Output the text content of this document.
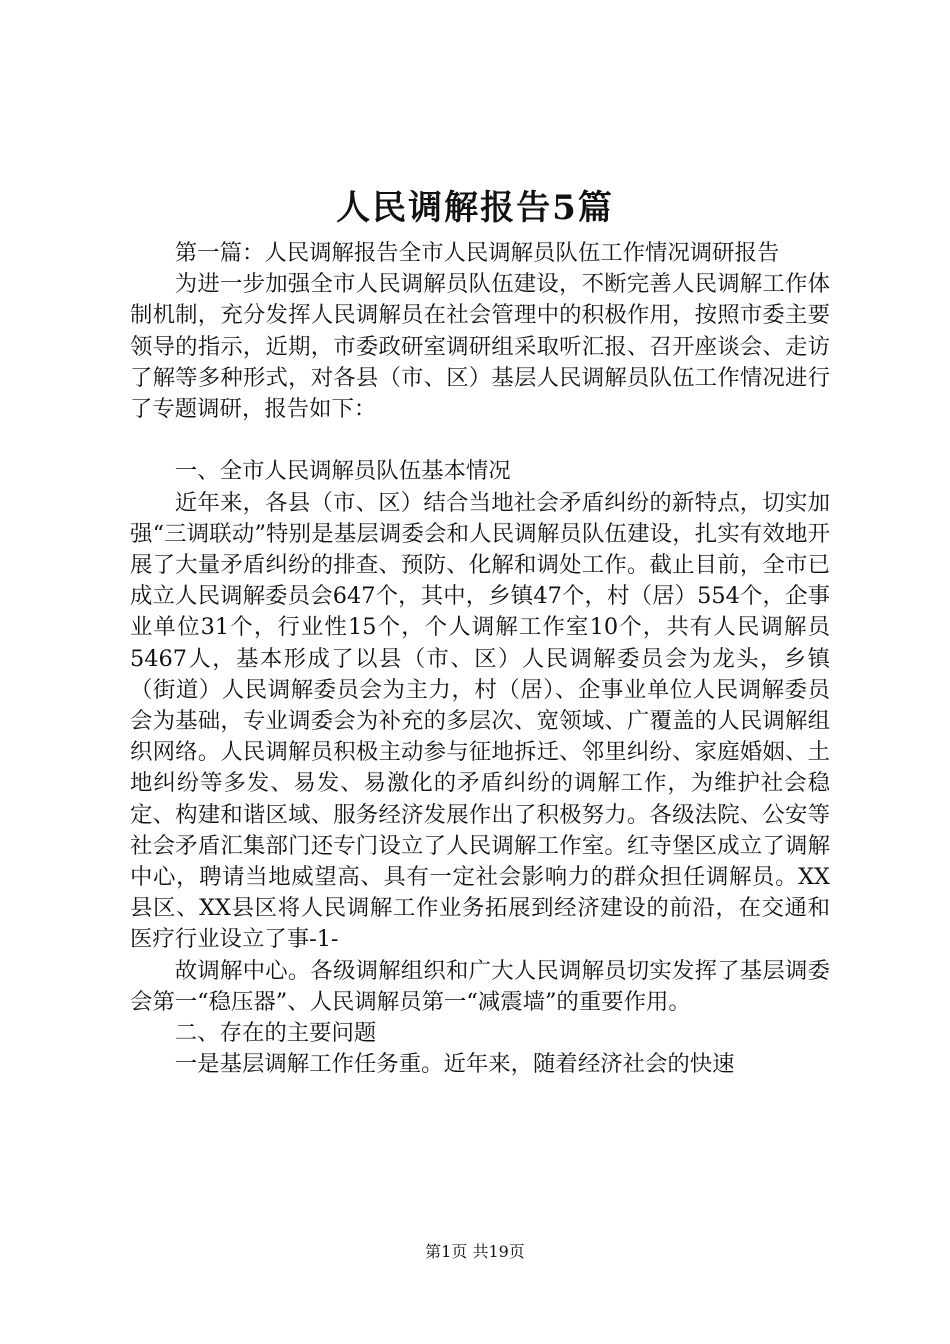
人民调解报告5篇

第一篇：人民调解报告全市人民调解员队伍工作情况调研报告

为进一步加强全市人民调解员队伍建设，不断完善人民调解工作体制机制，充分发挥人民调解员在社会管理中的积极作用，按照市委主要领导的指示，近期，市委政研室调研组采取听汇报、召开座谈会、走访了解等多种形式，对各县（市、区）基层人民调解员队伍工作情况进行了专题调研，报告如下：

一、全市人民调解员队伍基本情况

近年来，各县（市、区）结合当地社会矛盾纠纷的新特点，切实加强“三调联动”特别是基层调委会和人民调解员队伍建设，扎实有效地开展了大量矛盾纠纷的排查、预防、化解和调处工作。截止目前，全市已成立人民调解委员会647个，其中，乡镇47个，村（居）554个，企事业单位31个，行业性15个，个人调解工作室10个，共有人民调解员5467人，基本形成了以县（市、区）人民调解委员会为龙头，乡镇（街道）人民调解委员会为主力，村（居）、企事业单位人民调解委员会为基础，专业调委会为补充的多层次、宽领域、广覆盖的人民调解组织网络。人民调解员积极主动参与征地拆迁、邻里纠纷、家庭婚姻、土地纠纷等多发、易发、易激化的矛盾纠纷的调解工作，为维护社会稳定、构建和谐区域、服务经济发展作出了积极努力。各级法院、公安等社会矛盾汇集部门还专门设立了人民调解工作室。红寺堡区成立了调解中心，聘请当地威望高、具有一定社会影响力的群众担任调解员。XX县区、XX县区将人民调解工作业务拓展到经济建设的前沿，在交通和医疗行业设立了事-1-

故调解中心。各级调解组织和广大人民调解员切实发挥了基层调委会第一“稳压器”、人民调解员第一“减震墙”的重要作用。

二、存在的主要问题

一是基层调解工作任务重。近年来，随着经济社会的快速

第1页 共19页
